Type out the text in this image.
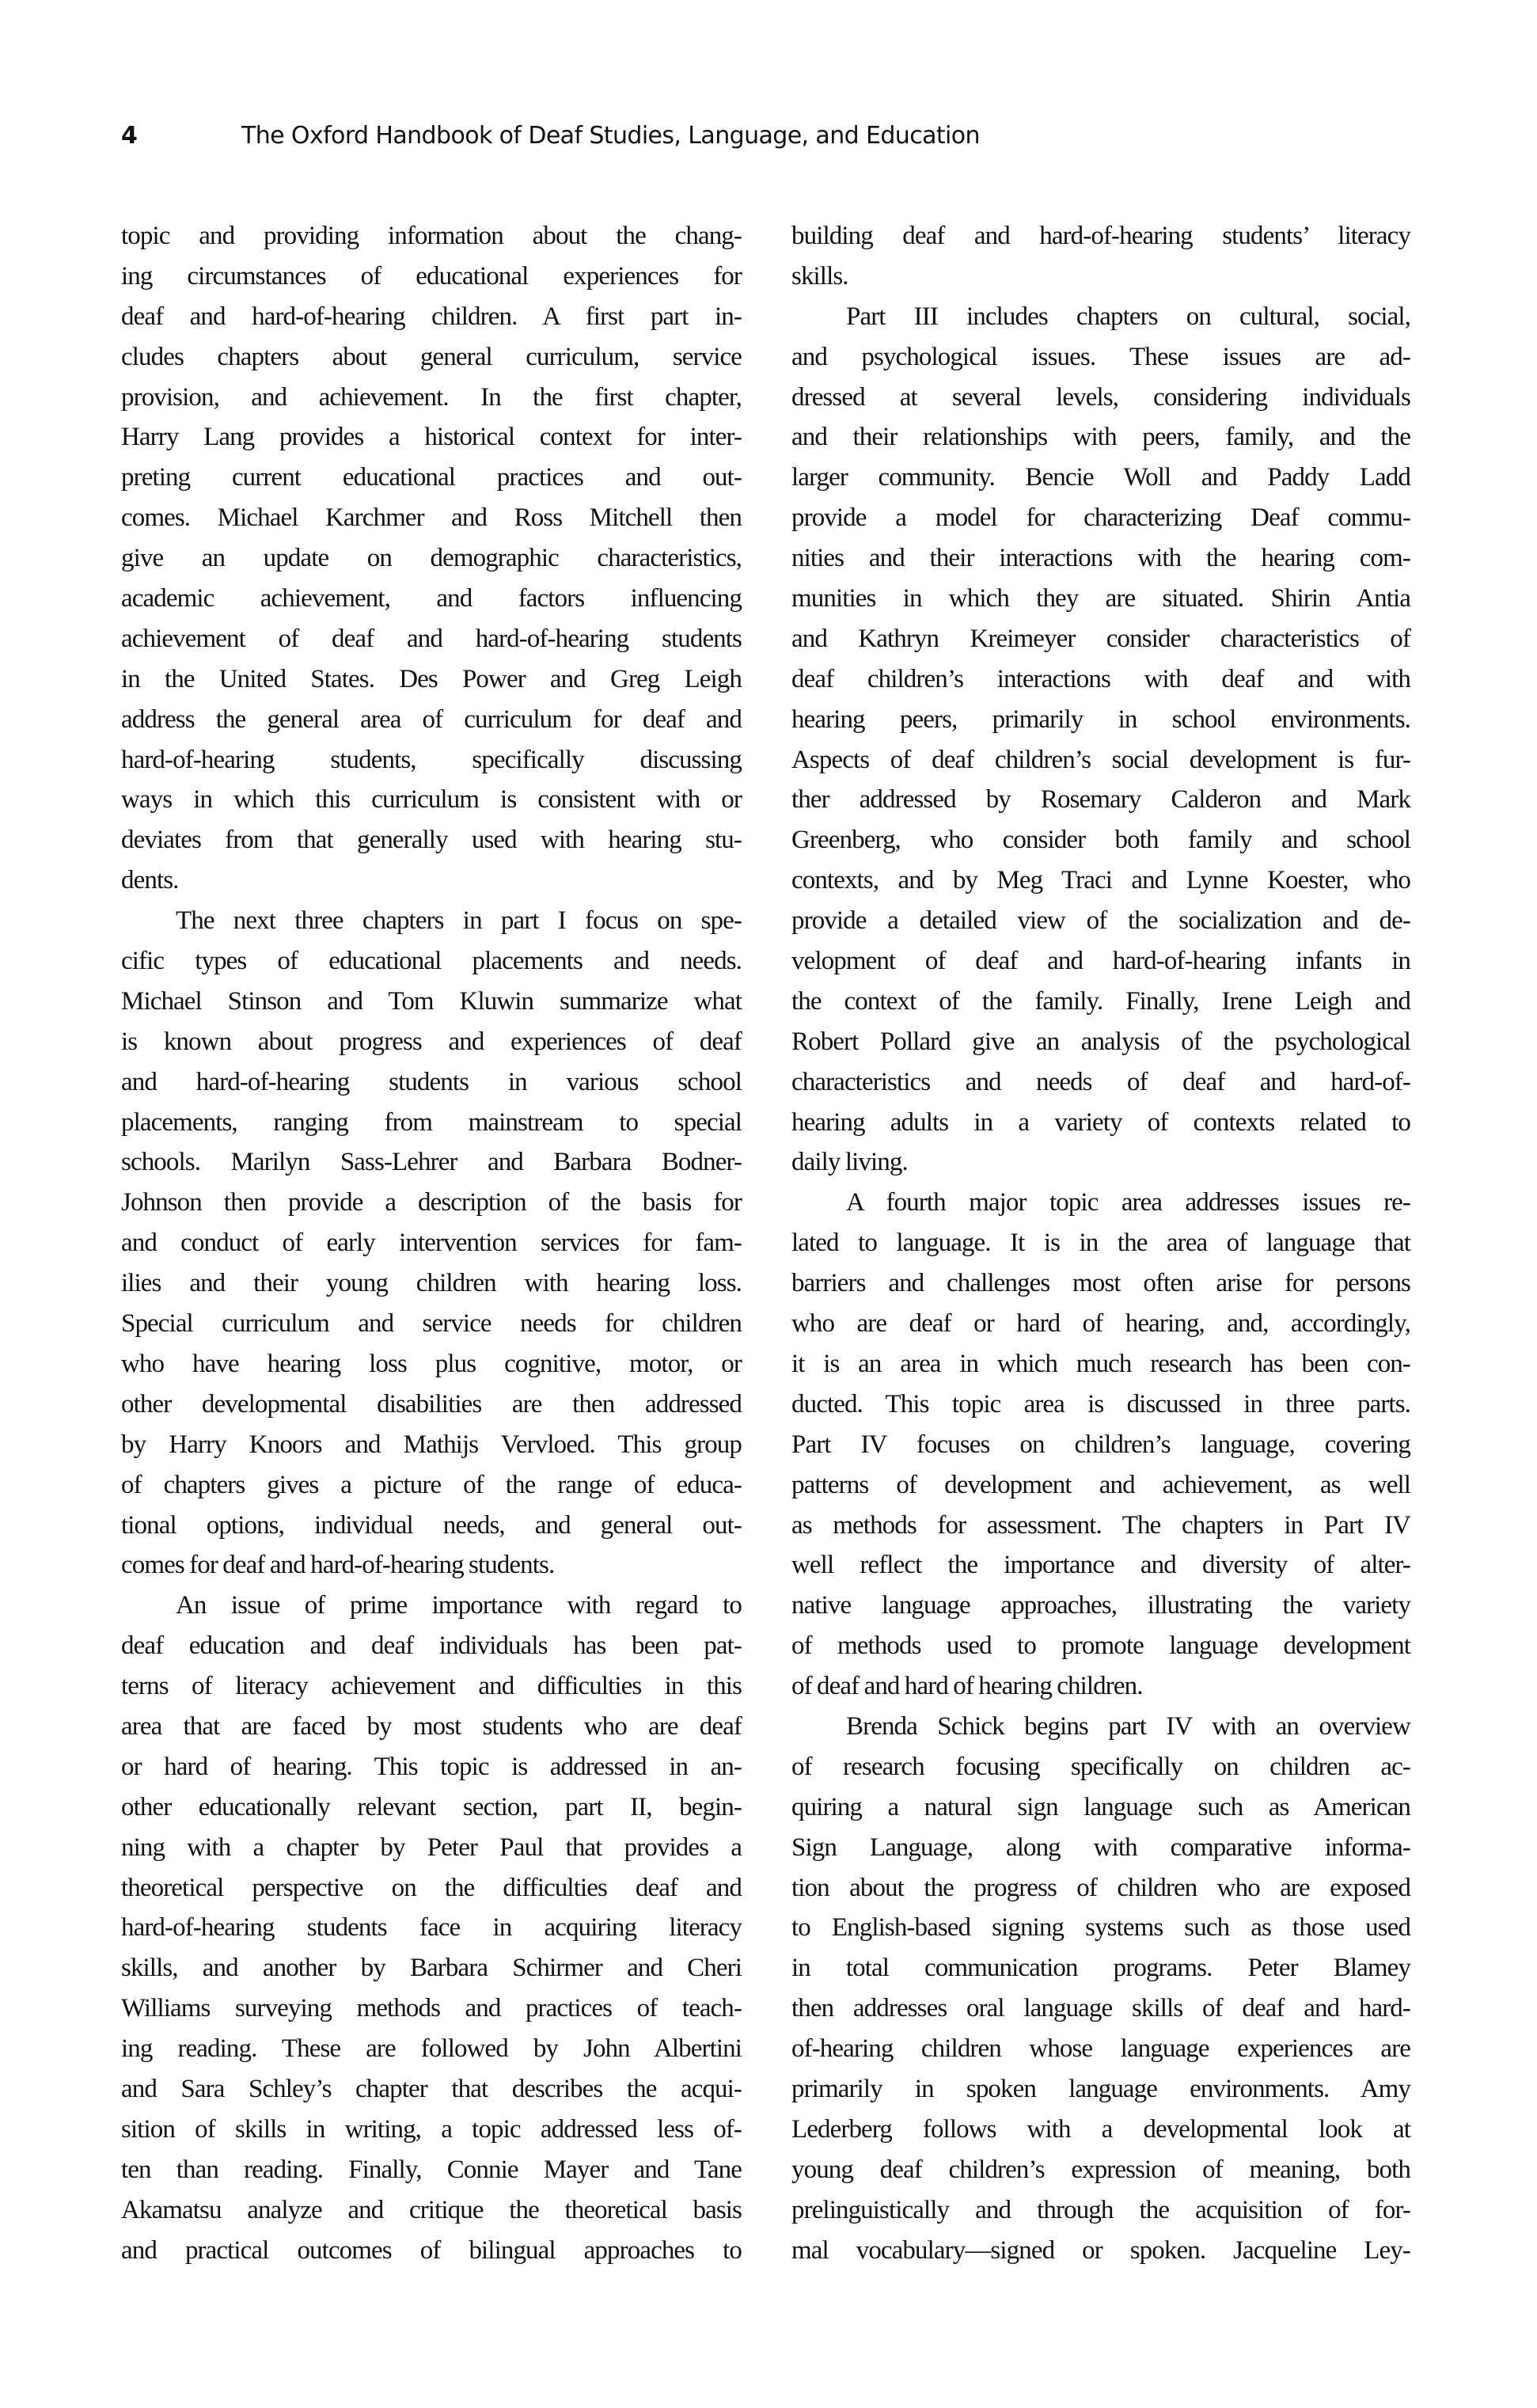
4	The Oxford Handbook of Deaf Studies, Language, and Education
topic and providing information about the chang-
ing circumstances of educational experiences for
deaf and hard-of-hearing children. A first part in-
cludes chapters about general curriculum, service
provision, and achievement. In the first chapter,
Harry Lang provides a historical context for inter-
preting current educational practices and out-
comes. Michael Karchmer and Ross Mitchell then
give an update on demographic characteristics,
academic achievement, and factors influencing
achievement of deaf and hard-of-hearing students
in the United States. Des Power and Greg Leigh
address the general area of curriculum for deaf and
hard-of-hearing students, specifically discussing
ways in which this curriculum is consistent with or
deviates from that generally used with hearing stu-
dents.
The next three chapters in part I focus on spe-
cific types of educational placements and needs.
Michael Stinson and Tom Kluwin summarize what
is known about progress and experiences of deaf
and hard-of-hearing students in various school
placements, ranging from mainstream to special
schools. Marilyn Sass-Lehrer and Barbara Bodner-
Johnson then provide a description of the basis for
and conduct of early intervention services for fam-
ilies and their young children with hearing loss.
Special curriculum and service needs for children
who have hearing loss plus cognitive, motor, or
other developmental disabilities are then addressed
by Harry Knoors and Mathijs Vervloed. This group
of chapters gives a picture of the range of educa-
tional options, individual needs, and general out-
comes for deaf and hard-of-hearing students.
An issue of prime importance with regard to
deaf education and deaf individuals has been pat-
terns of literacy achievement and difficulties in this
area that are faced by most students who are deaf
or hard of hearing. This topic is addressed in an-
other educationally relevant section, part II, begin-
ning with a chapter by Peter Paul that provides a
theoretical perspective on the difficulties deaf and
hard-of-hearing students face in acquiring literacy
skills, and another by Barbara Schirmer and Cheri
Williams surveying methods and practices of teach-
ing reading. These are followed by John Albertini
and Sara Schley’s chapter that describes the acqui-
sition of skills in writing, a topic addressed less of-
ten than reading. Finally, Connie Mayer and Tane
Akamatsu analyze and critique the theoretical basis
and practical outcomes of bilingual approaches to
building deaf and hard-of-hearing students’ literacy
skills.
Part III includes chapters on cultural, social,
and psychological issues. These issues are ad-
dressed at several levels, considering individuals
and their relationships with peers, family, and the
larger community. Bencie Woll and Paddy Ladd
provide a model for characterizing Deaf commu-
nities and their interactions with the hearing com-
munities in which they are situated. Shirin Antia
and Kathryn Kreimeyer consider characteristics of
deaf children’s interactions with deaf and with
hearing peers, primarily in school environments.
Aspects of deaf children’s social development is fur-
ther addressed by Rosemary Calderon and Mark
Greenberg, who consider both family and school
contexts, and by Meg Traci and Lynne Koester, who
provide a detailed view of the socialization and de-
velopment of deaf and hard-of-hearing infants in
the context of the family. Finally, Irene Leigh and
Robert Pollard give an analysis of the psychological
characteristics and needs of deaf and hard-of-
hearing adults in a variety of contexts related to
daily living.
A fourth major topic area addresses issues re-
lated to language. It is in the area of language that
barriers and challenges most often arise for persons
who are deaf or hard of hearing, and, accordingly,
it is an area in which much research has been con-
ducted. This topic area is discussed in three parts.
Part IV focuses on children’s language, covering
patterns of development and achievement, as well
as methods for assessment. The chapters in Part IV
well reflect the importance and diversity of alter-
native language approaches, illustrating the variety
of methods used to promote language development
of deaf and hard of hearing children.
Brenda Schick begins part IV with an overview
of research focusing specifically on children ac-
quiring a natural sign language such as American
Sign Language, along with comparative informa-
tion about the progress of children who are exposed
to English-based signing systems such as those used
in total communication programs. Peter Blamey
then addresses oral language skills of deaf and hard-
of-hearing children whose language experiences are
primarily in spoken language environments. Amy
Lederberg follows with a developmental look at
young deaf children’s expression of meaning, both
prelinguistically and through the acquisition of for-
mal vocabulary—signed or spoken. Jacqueline Ley-
